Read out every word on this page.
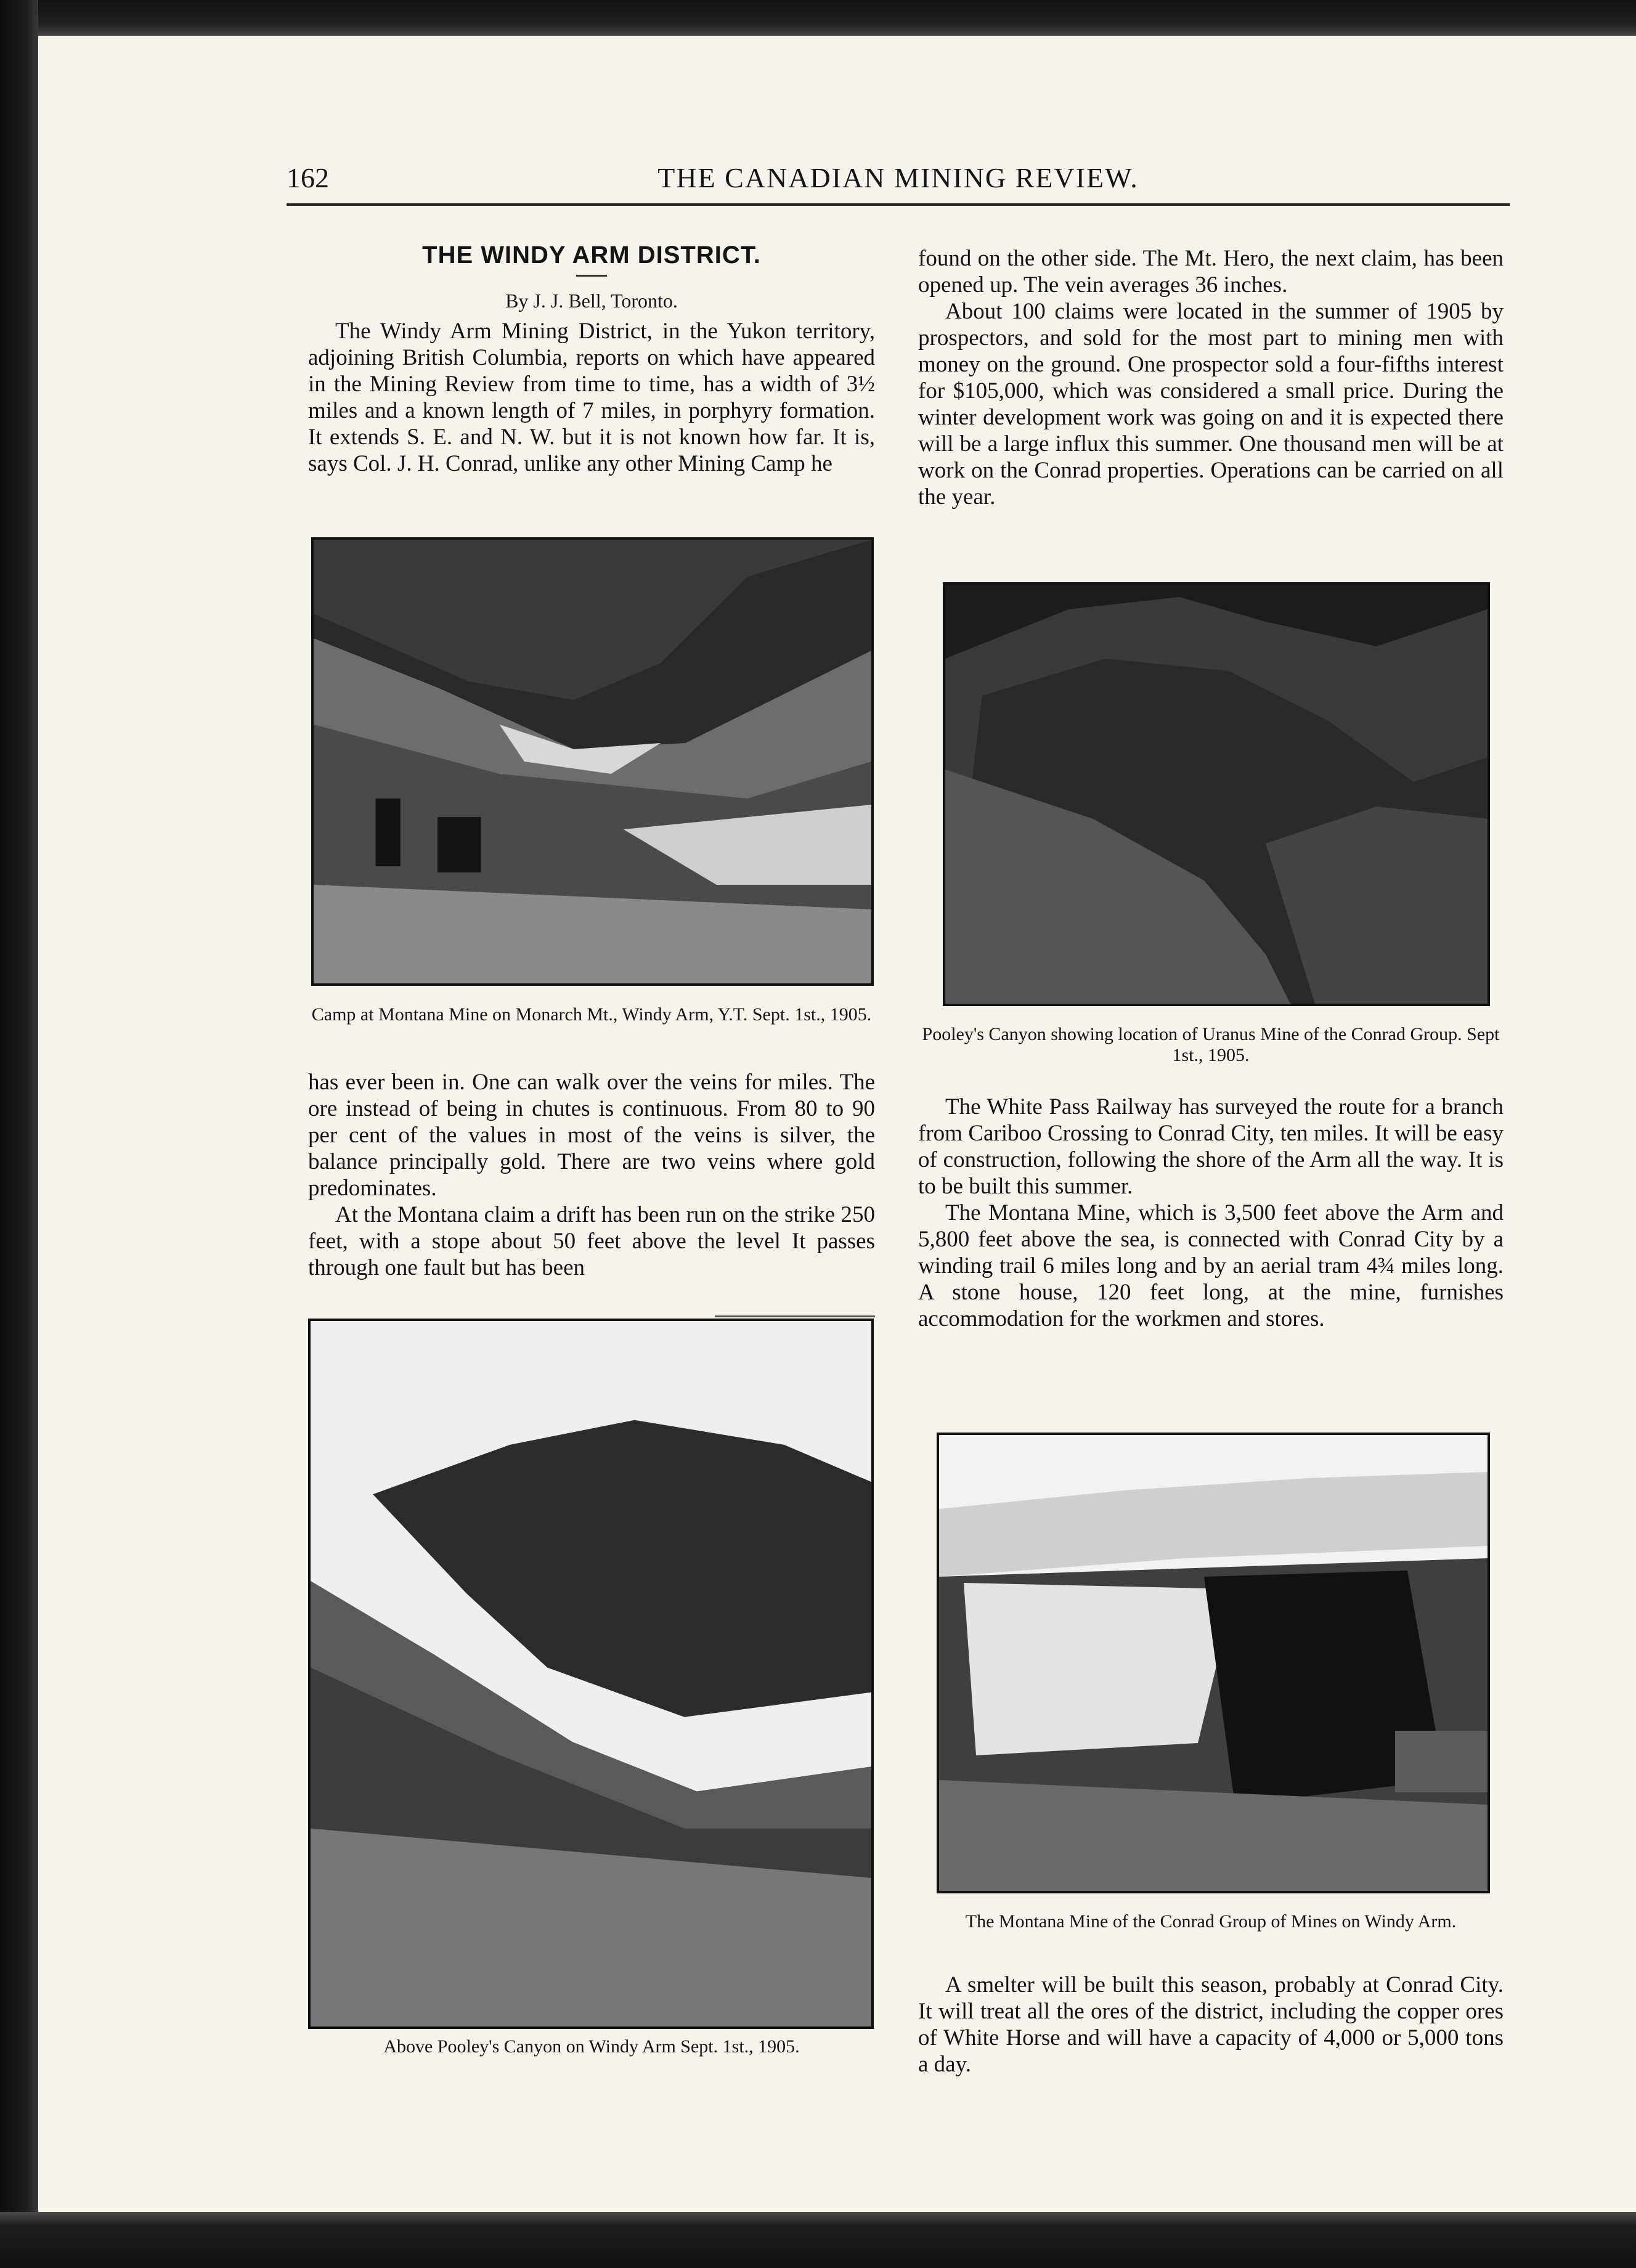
162	THE CANADIAN MINING REVIEW.
THE WINDY ARM DISTRICT.
By J. J. Bell, Toronto.

The Windy Arm Mining District, in the Yukon territory, adjoining British Columbia, reports on which have appeared in the Mining Review from time to time, has a width of 3½ miles and a known length of 7 miles, in porphyry formation. It extends S. E. and N. W. but it is not known how far. It is, says Col. J. H. Conrad, unlike any other Mining Camp he

Camp at Montana Mine on Monarch Mt., Windy Arm, Y.T. Sept. 1st., 1905.

has ever been in. One can walk over the veins for miles. The ore instead of being in chutes is continuous. From 80 to 90 per cent of the values in most of the veins is silver, the balance principally gold. There are two veins where gold predominates.

At the Montana claim a drift has been run on the strike 250 feet, with a stope about 50 feet above the level It passes through one fault but has been

Above Pooley's Canyon on Windy Arm Sept. 1st., 1905.

found on the other side. The Mt. Hero, the next claim, has been opened up. The vein averages 36 inches.

About 100 claims were located in the summer of 1905 by prospectors, and sold for the most part to mining men with money on the ground. One prospector sold a four-fifths interest for $105,000, which was considered a small price. During the winter development work was going on and it is expected there will be a large influx this summer. One thousand men will be at work on the Conrad properties. Operations can be carried on all the year.

Pooley's Canyon showing location of Uranus Mine of the Conrad Group. Sept 1st., 1905.

The White Pass Railway has surveyed the route for a branch from Cariboo Crossing to Conrad City, ten miles. It will be easy of construction, following the shore of the Arm all the way. It is to be built this summer.

The Montana Mine, which is 3,500 feet above the Arm and 5,800 feet above the sea, is connected with Conrad City by a winding trail 6 miles long and by an aerial tram 4¾ miles long. A stone house, 120 feet long, at the mine, furnishes accommodation for the workmen and stores.

The Montana Mine of the Conrad Group of Mines on Windy Arm.

A smelter will be built this season, probably at Conrad City. It will treat all the ores of the district, including the copper ores of White Horse and will have a capacity of 4,000 or 5,000 tons a day.
